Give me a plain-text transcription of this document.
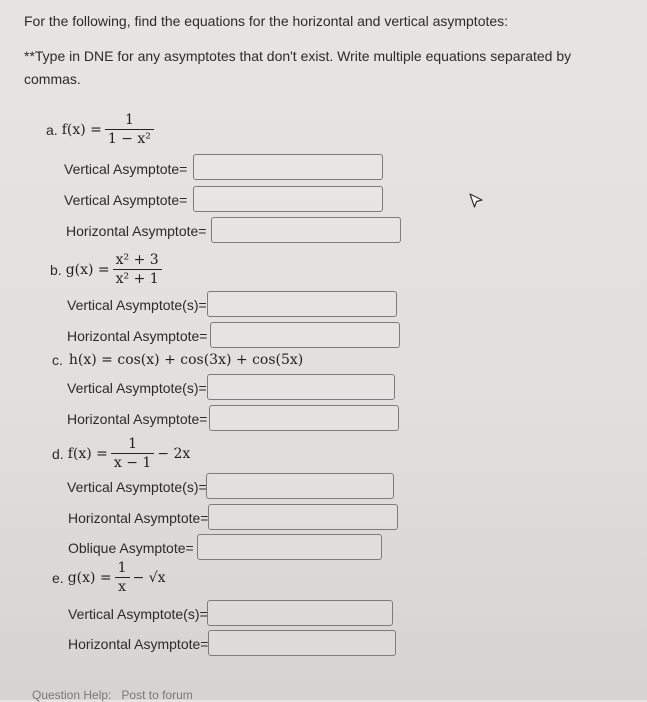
For the following, find the equations for the horizontal and vertical asymptotes:
**Type in DNE for any asymptotes that don't exist. Write multiple equations separated by
commas.
a. $f(x) = \frac{1}{\text{1 − x²}}$
Vertical Asymptote=
Vertical Asymptote=
Horizontal Asymptote=
b. $g(x) = \frac{\text{x² + 3}}{\text{x² + 1}}$
Vertical Asymptote(s)=
Horizontal Asymptote=
c. h(x) = cos(x) + cos(3x) + cos(5x)
Vertical Asymptote(s)=
Horizontal Asymptote=
d. $f(x) = \frac{1}{x - 1} - 2x$
Vertical Asymptote(s)=
Horizontal Asymptote=
Oblique Asymptote=
e. $g(x) = \frac{1}{x} - √x$
Vertical Asymptote(s)=
Horizontal Asymptote=
Question Help: Post to forum
